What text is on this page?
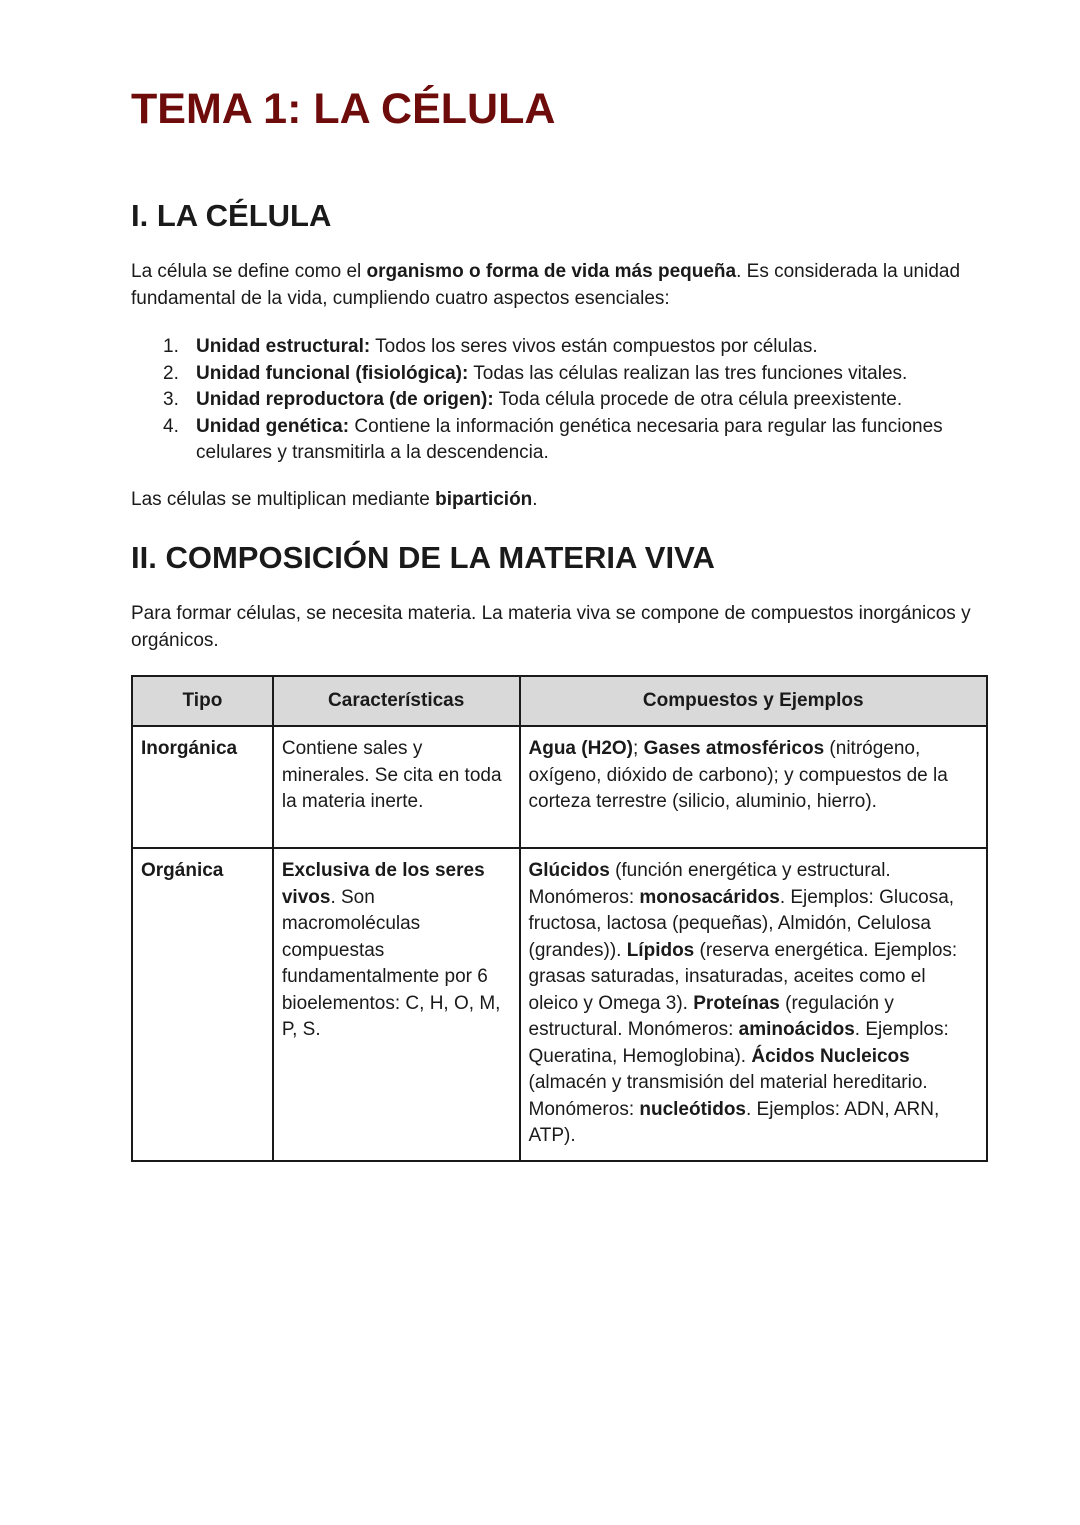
TEMA 1: LA CÉLULA
I. LA CÉLULA

La célula se define como el organismo o forma de vida más pequeña. Es considerada la unidad fundamental de la vida, cumpliendo cuatro aspectos esenciales:

1. Unidad estructural: Todos los seres vivos están compuestos por células.
2. Unidad funcional (fisiológica): Todas las células realizan las tres funciones vitales.
3. Unidad reproductora (de origen): Toda célula procede de otra célula preexistente.
4. Unidad genética: Contiene la información genética necesaria para regular las funciones celulares y transmitirla a la descendencia.

Las células se multiplican mediante bipartición.

II. COMPOSICIÓN DE LA MATERIA VIVA

Para formar células, se necesita materia. La materia viva se compone de compuestos inorgánicos y orgánicos.

Tipo	Características	Compuestos y Ejemplos
Inorgánica	Contiene sales y minerales. Se cita en toda la materia inerte.	Agua (H2O); Gases atmosféricos (nitrógeno, oxígeno, dióxido de carbono); y compuestos de la corteza terrestre (silicio, aluminio, hierro).
Orgánica	Exclusiva de los seres vivos. Son macromoléculas compuestas fundamentalmente por 6 bioelementos: C, H, O, M, P, S.	Glúcidos (función energética y estructural. Monómeros: monosacáridos. Ejemplos: Glucosa, fructosa, lactosa (pequeñas), Almidón, Celulosa (grandes)). Lípidos (reserva energética. Ejemplos: grasas saturadas, insaturadas, aceites como el oleico y Omega 3). Proteínas (regulación y estructural. Monómeros: aminoácidos. Ejemplos: Queratina, Hemoglobina). Ácidos Nucleicos (almacén y transmisión del material hereditario. Monómeros: nucleótidos. Ejemplos: ADN, ARN, ATP).
